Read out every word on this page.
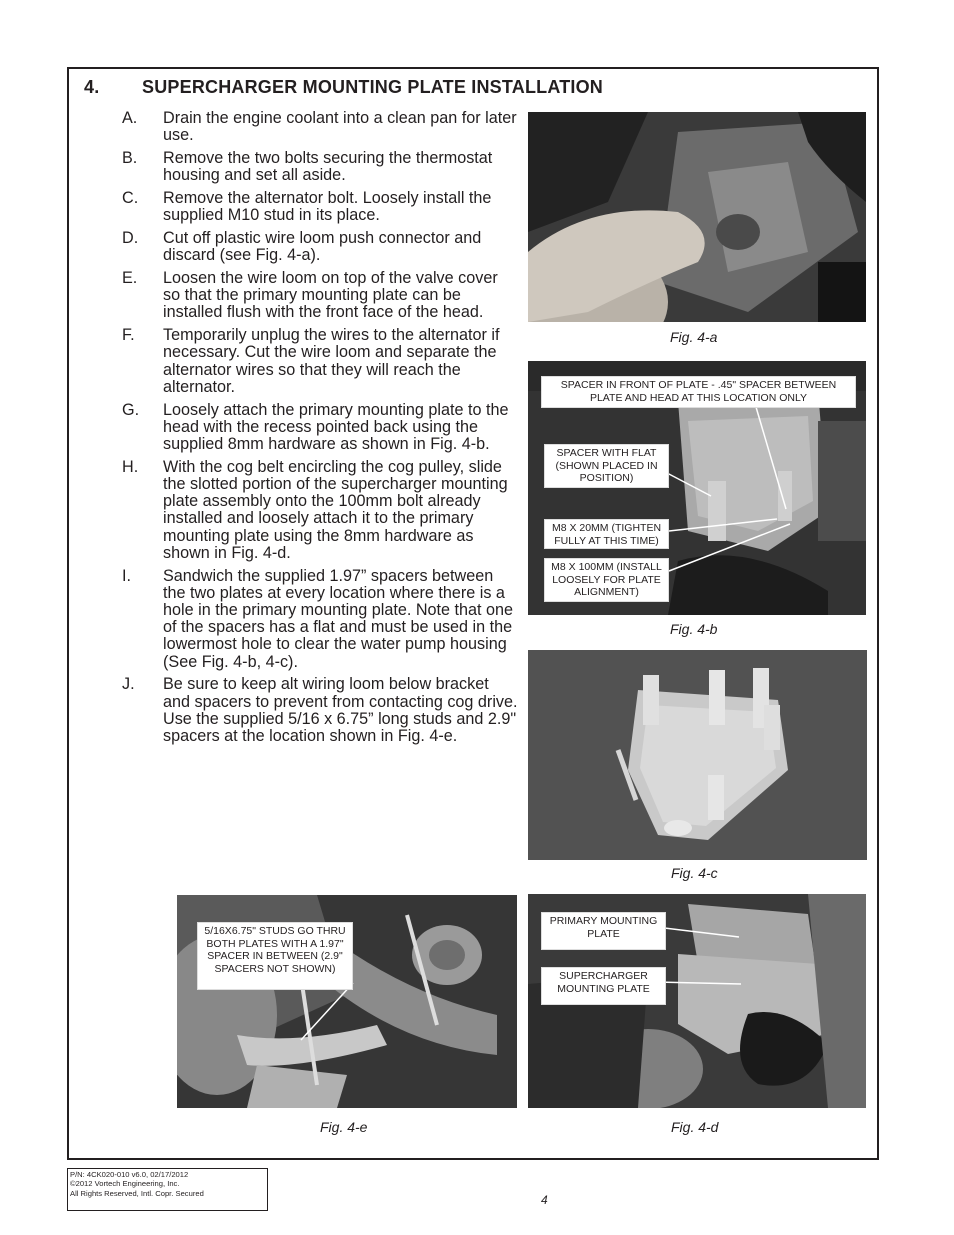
4. SUPERCHARGER MOUNTING PLATE INSTALLATION
A. Drain the engine coolant into a clean pan for later use.
B. Remove the two bolts securing the thermostat housing and set all aside.
C. Remove the alternator bolt. Loosely install the supplied M10 stud in its place.
D. Cut off plastic wire loom push connector and discard (see Fig. 4-a).
E. Loosen the wire loom on top of the valve cover so that the primary mounting plate can be installed flush with the front face of the head.
F. Temporarily unplug the wires to the alternator if necessary. Cut the wire loom and separate the alternator wires so that they will reach the alternator.
G. Loosely attach the primary mounting plate to the head with the recess pointed back using the supplied 8mm hardware as shown in Fig. 4-b.
H. With the cog belt encircling the cog pulley, slide the slotted portion of the supercharger mounting plate assembly onto the 100mm bolt already installed and loosely attach it to the primary mounting plate using the 8mm hardware as shown in Fig. 4-d.
I. Sandwich the supplied 1.97” spacers between the two plates at every location where there is a hole in the primary mounting plate. Note that one of the spacers has a flat and must be used in the lowermost hole to clear the water pump housing (See Fig. 4-b, 4-c).
J. Be sure to keep alt wiring loom below bracket and spacers to prevent from contacting cog drive. Use the supplied 5/16 x 6.75” long studs and 2.9" spacers at the location shown in Fig. 4-e.
Fig. 4-a
SPACER IN FRONT OF PLATE - .45" SPACER BETWEEN PLATE AND HEAD AT THIS LOCATION ONLY
SPACER WITH FLAT (SHOWN PLACED IN POSITION)
M8 X 20MM (TIGHTEN FULLY AT THIS TIME)
M8 X 100MM (INSTALL LOOSELY FOR PLATE ALIGNMENT)
Fig. 4-b
Fig. 4-c
5/16X6.75" STUDS GO THRU BOTH PLATES WITH A 1.97" SPACER IN BETWEEN (2.9" SPACERS NOT SHOWN)
Fig. 4-e
PRIMARY MOUNTING PLATE
SUPERCHARGER MOUNTING PLATE
Fig. 4-d
P/N: 4CK020-010 v6.0, 02/17/2012
©2012 Vortech Engineering, Inc.
All Rights Reserved, Intl. Copr. Secured	4
